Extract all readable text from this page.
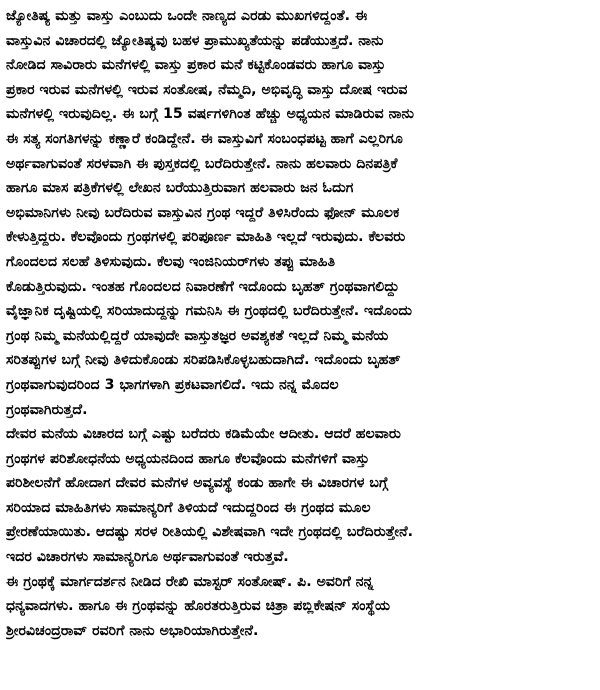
ಜ್ಯೋತಿಷ್ಯ ಮತ್ತು ವಾಸ್ತು ಎಂಬುದು ಒಂದೇ ನಾಣ್ಯದ ಎರಡು ಮುಖಗಳಿದ್ದಂತೆ. ಈ
ವಾಸ್ತುವಿನ ವಿಚಾರದಲ್ಲಿ ಜ್ಯೋತಿಷ್ಯವು ಬಹಳ ಪ್ರಾಮುಖ್ಯತೆಯನ್ನು ಪಡೆಯುತ್ತದೆ. ನಾನು
ನೋಡಿದ ಸಾವಿರಾರು ಮನೆಗಳಲ್ಲಿ ವಾಸ್ತು ಪ್ರಕಾರ ಮನೆ ಕಟ್ಟಿಕೊಂಡವರು ಹಾಗೂ ವಾಸ್ತು
ಪ್ರಕಾರ ಇರುವ ಮನೆಗಳಲ್ಲಿ ಇರುವ ಸಂತೋಷ, ನೆಮ್ಮದಿ, ಅಭಿವೃದ್ಧಿ ವಾಸ್ತು ದೋಷ ಇರುವ
ಮನೆಗಳಲ್ಲಿ ಇರುವುದಿಲ್ಲ. ಈ ಬಗ್ಗೆ 15 ವರ್ಷಗಳಿಗಿಂತ ಹೆಚ್ಚು ಅಧ್ಯಯನ ಮಾಡಿರುವ ನಾನು
ಈ ಸತ್ಯ ಸಂಗತಿಗಳನ್ನು ಕಣ್ಣಾರೆ ಕಂಡಿದ್ದೇನೆ. ಈ ವಾಸ್ತುವಿಗೆ ಸಂಬಂಧಪಟ್ಟ ಹಾಗೆ ಎಲ್ಲರಿಗೂ
ಅರ್ಥವಾಗುವಂತೆ ಸರಳವಾಗಿ ಈ ಪುಸ್ತಕದಲ್ಲಿ ಬರೆದಿರುತ್ತೇನೆ. ನಾನು ಹಲವಾರು ದಿನಪತ್ರಿಕೆ
ಹಾಗೂ ಮಾಸ ಪತ್ರಿಕೆಗಳಲ್ಲಿ ಲೇಖನ ಬರೆಯುತ್ತಿರುವಾಗ ಹಲವಾರು ಜನ ಓದುಗ
ಅಭಿಮಾನಿಗಳು ನೀವು ಬರೆದಿರುವ ವಾಸ್ತುವಿನ ಗ್ರಂಥ ಇದ್ದರೆ ತಿಳಿಸಿರೆಂದು ಫೋನ್ ಮೂಲಕ
ಕೇಳುತ್ತಿದ್ದರು. ಕೆಲವೊಂದು ಗ್ರಂಥಗಳಲ್ಲಿ ಪರಿಪೂರ್ಣ ಮಾಹಿತಿ ಇಲ್ಲದೆ ಇರುವುದು. ಕೆಲವರು
ಗೊಂದಲದ ಸಲಹೆ ತಿಳಿಸುವುದು. ಕೆಲವು ಇಂಜಿನಿಯರ್‌ಗಳು ತಪ್ಪು ಮಾಹಿತಿ
ಕೊಡುತ್ತಿರುವುದು. ಇಂತಹ ಗೊಂದಲದ ನಿವಾರಣೆಗೆ ಇದೊಂದು ಬೃಹತ್ ಗ್ರಂಥವಾಗಲಿದ್ದು
ವೈಜ್ಞಾನಿಕ ದೃಷ್ಟಿಯಲ್ಲಿ ಸರಿಯಾದುದ್ದನ್ನು ಗಮನಿಸಿ ಈ ಗ್ರಂಥದಲ್ಲಿ ಬರೆದಿರುತ್ತೇನೆ. ಇದೊಂದು
ಗ್ರಂಥ ನಿಮ್ಮ ಮನೆಯಲ್ಲಿದ್ದರೆ ಯಾವುದೇ ವಾಸ್ತುತಜ್ಞರ ಅವಶ್ಯಕತೆ ಇಲ್ಲದೆ ನಿಮ್ಮ ಮನೆಯ
ಸರಿತಪ್ಪುಗಳ ಬಗ್ಗೆ ನೀವು ತಿಳಿದುಕೊಂಡು ಸರಿಪಡಿಸಿಕೊಳ್ಳಬಹುದಾಗಿದೆ. ಇದೊಂದು ಬೃಹತ್
ಗ್ರಂಥವಾಗುವುದರಿಂದ 3 ಭಾಗಗಳಾಗಿ ಪ್ರಕಟವಾಗಲಿದೆ. ಇದು ನನ್ನ ಮೊದಲ
ಗ್ರಂಥವಾಗಿರುತ್ತದೆ.
ದೇವರ ಮನೆಯ ವಿಚಾರದ ಬಗ್ಗೆ ಎಷ್ಟು ಬರೆದರು ಕಡಿಮೆಯೇ ಆದೀತು. ಆದರೆ ಹಲವಾರು
ಗ್ರಂಥಗಳ ಪರಿಶೋಧನೆಯ ಅಧ್ಯಯನದಿಂದ ಹಾಗೂ ಕೆಲವೊಂದು ಮನೆಗಳಿಗೆ ವಾಸ್ತು
ಪರಿಶೀಲನೆಗೆ ಹೋದಾಗ ದೇವರ ಮನೆಗಳ ಅವ್ಯವಸ್ಥೆ ಕಂಡು ಹಾಗೇ ಈ ವಿಚಾರಗಳ ಬಗ್ಗೆ
ಸರಿಯಾದ ಮಾಹಿತಿಗಳು ಸಾಮಾನ್ಯರಿಗೆ ತಿಳಿಯದೆ ಇದುದ್ದರಿಂದ ಈ ಗ್ರಂಥದ ಮೂಲ
ಪ್ರೇರಣೆಯಾಯಿತು. ಆದಷ್ಟು ಸರಳ ರೀತಿಯಲ್ಲಿ ವಿಶೇಷವಾಗಿ ಇದೇ ಗ್ರಂಥದಲ್ಲಿ ಬರೆದಿರುತ್ತೇನೆ.
ಇದರ ವಿಚಾರಗಳು ಸಾಮಾನ್ಯರಿಗೂ ಅರ್ಥವಾಗುವಂತೆ ಇರುತ್ತವೆ.
ಈ ಗ್ರಂಥಕ್ಕೆ ಮಾರ್ಗದರ್ಶನ ನೀಡಿದ ರೇಖಿ ಮಾಸ್ಟರ್ ಸಂತೋಷ್. ಪಿ. ಅವರಿಗೆ ನನ್ನ
ಧನ್ಯವಾದಗಳು. ಹಾಗೂ ಈ ಗ್ರಂಥವನ್ನು ಹೊರತರುತ್ತಿರುವ ಚಿತ್ರಾ ಪಬ್ಲಿಕೇಷನ್ ಸಂಸ್ಥೆಯ
ಶ್ರೀರವಿಚಂದ್ರರಾವ್ ರವರಿಗೆ ನಾನು ಅಭಾರಿಯಾಗಿರುತ್ತೇನೆ.
